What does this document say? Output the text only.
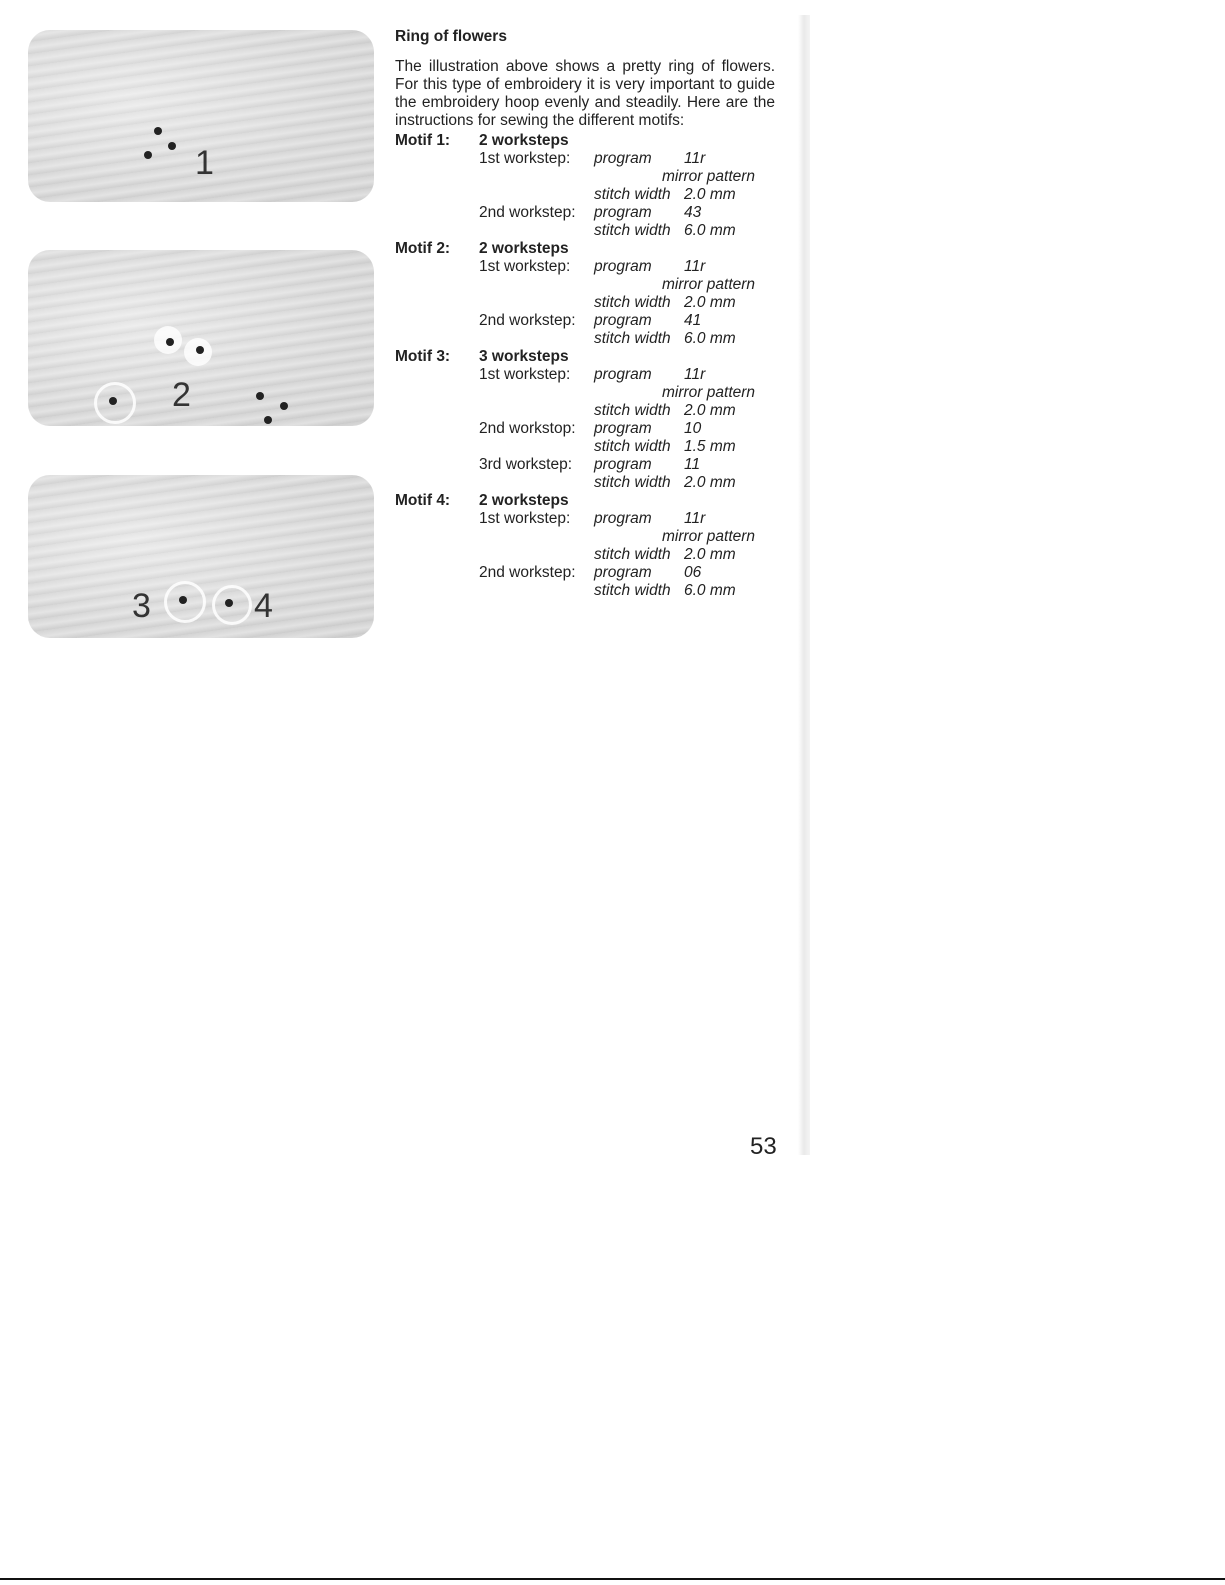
1
2
3	4
Ring of flowers
The illustration above shows a pretty ring of flowers. For this type of embroidery it is very important to guide the embroidery hoop evenly and steadily. Here are the instructions for sewing the different motifs:
Motif 1:	2 worksteps
1st workstep:	program	11r
mirror pattern
stitch width 2.0 mm
2nd workstep:	program	43
stitch width 6.0 mm
Motif 2:	2 worksteps
1st workstep:	program	11r
mirror pattern
stitch width 2.0 mm
2nd workstep:	program	41
stitch width 6.0 mm
Motif 3:	3 worksteps
1st workstep:	program	11r
mirror pattern
stitch width 2.0 mm
2nd workstop:	program	10
stitch width 1.5 mm
3rd workstep:	program	11
stitch width 2.0 mm
Motif 4:	2 worksteps
1st workstep:	program	11r
mirror pattern
stitch width 2.0 mm
2nd workstep:	program	06
stitch width 6.0 mm
53
